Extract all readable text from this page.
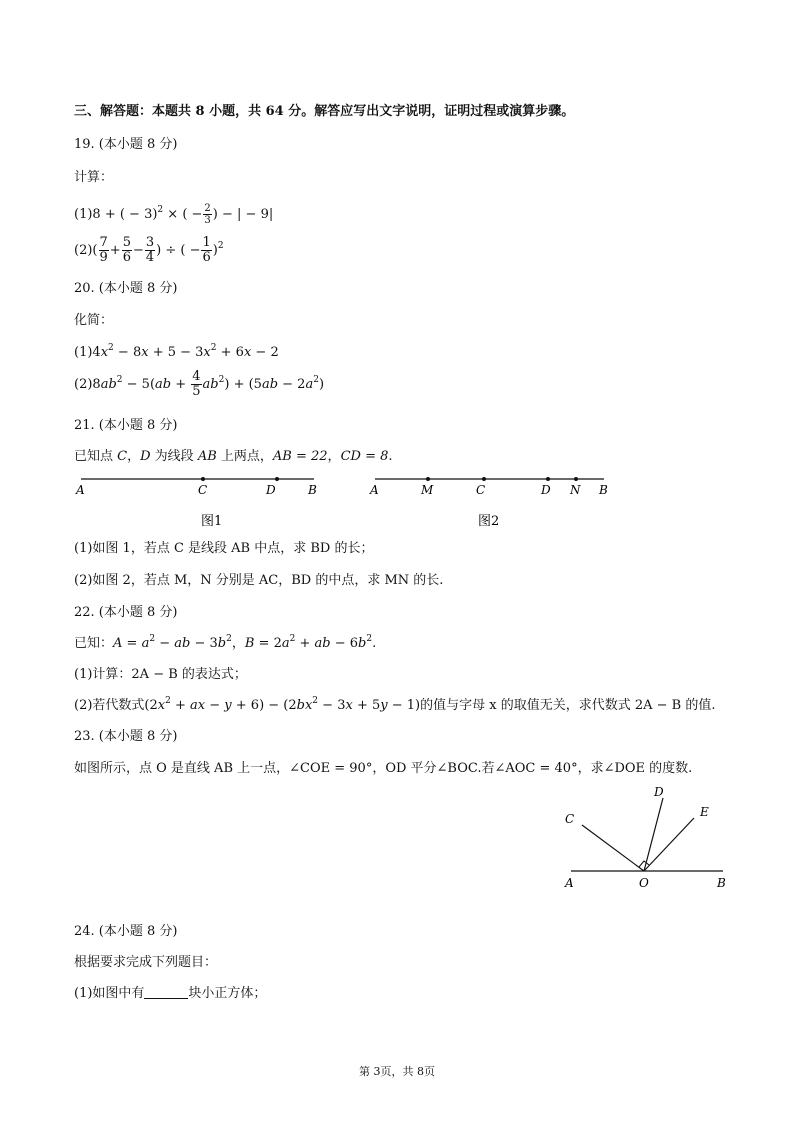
三、解答题：本题共 8 小题，共 64 分。解答应写出文字说明，证明过程或演算步骤。
19. (本小题 8 分)
计算：
(1)8 + ( − 3)$^2$ × ( − $\frac{2}{3}$ ) − | − 9|
$(2)( \frac{7}{9} + \frac{5}{6} - \frac{3}{4}$ ) ÷ ( − $\frac{1}{6} )^2$
20. (本小题 8 分)
化简：
$(1)4x^2 - 8x + 5 - 3x^2 + 6x - 2$
$(2)8ab^2 - 5(ab + \frac{4}{5} ab^2) + (5ab - 2a^2)$
21. (本小题 8 分)
已知点 C，D 为线段 AB 上两点，AB = 22，CD = 8.
A	C	D	B
图1
A	M	C	D N B
图2
(1)如图 1，若点 C 是线段 AB 中点，求 BD 的长；
(2)如图 2，若点 M，N 分别是 AC，BD 的中点，求 MN 的长.
22. (本小题 8 分)
已知：$A = a^2$ − ab − $3b^2$，$B = 2a^2$ + ab − $6b^2$.
(1)计算：2A − B 的表达式；
(2)若代数式($2x^2$ + ax − $y + 6) - (2bx^2 - 3x + 5y - 1)$的值与字母 x 的取值无关，求代数式 2A − B 的值.
23. (本小题 8 分)
如图所示，点 O 是直线 AB 上一点，∠COE = 90°，OD 平分∠BOC.若∠AOC = 40°，求∠DOE 的度数.
A	O	B
C
D
E
24. (本小题 8 分)
根据要求完成下列题目：
(1)如图中有	块小正方体；
第 3页，共 8页
